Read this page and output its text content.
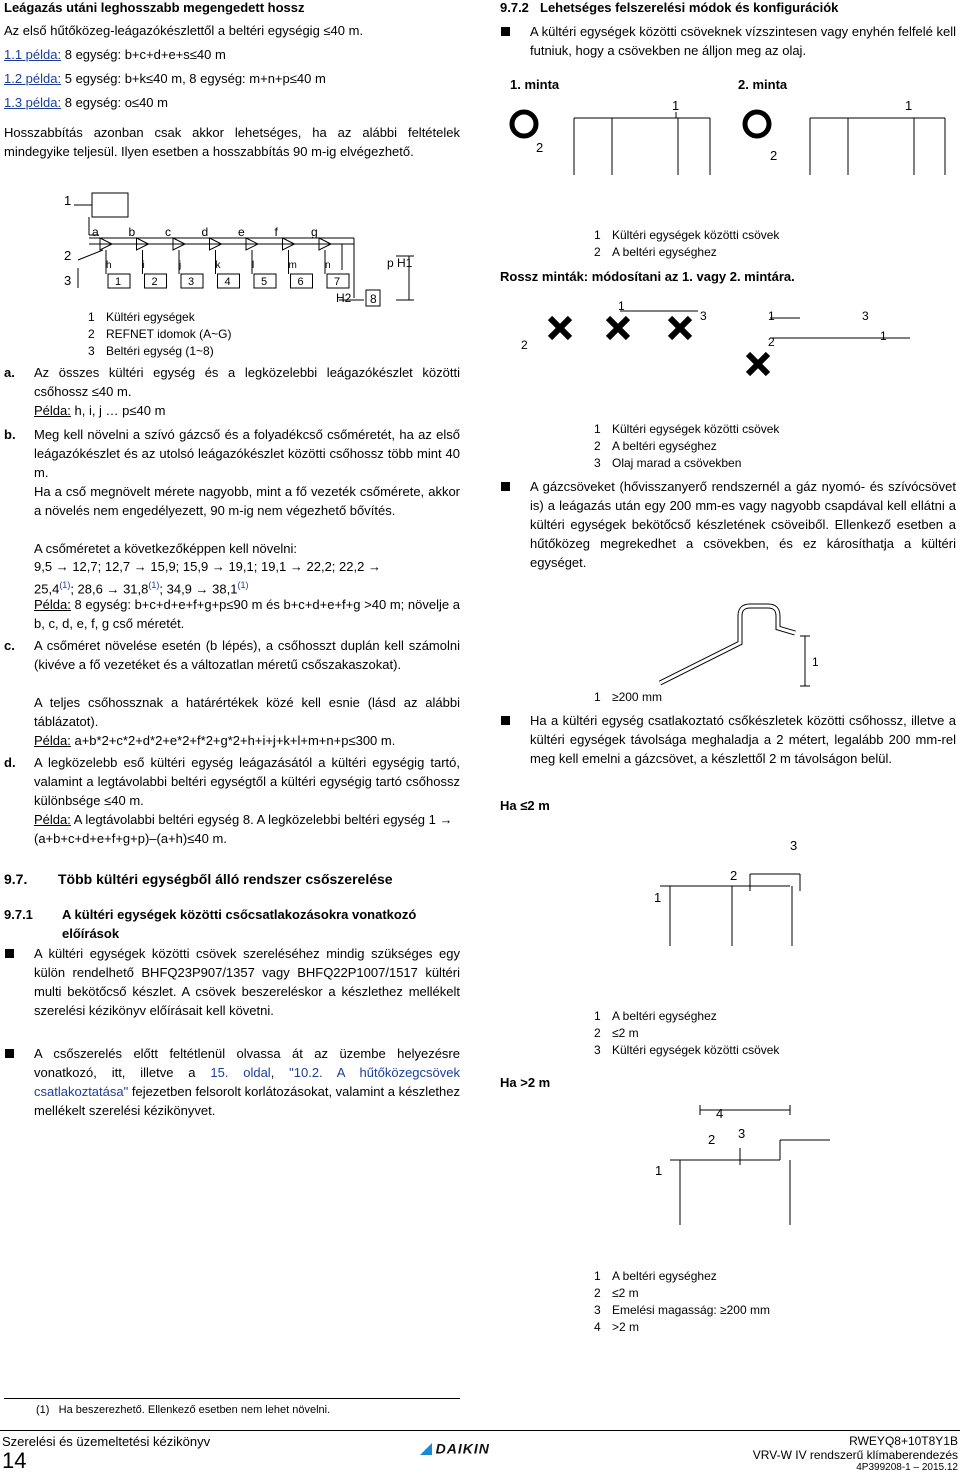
Leágazás utáni leghosszabb megengedett hossz

Az első hűtőközeg-leágazókészlettől a beltéri egységig ≤40 m.

1.1 példa: 8 egység: b+c+d+e+s≤40 m

1.2 példa: 5 egység: b+k≤40 m, 8 egység: m+n+p≤40 m

1.3 példa: 8 egység: o≤40 m

Hosszabbítás azonban csak akkor lehetséges, ha az alábbi feltételek mindegyike teljesül. Ilyen esetben a hosszabbítás 90 m-ig elvégezhető.

a b c	d e f	g
h	i	j	k	l	m	n
1	2	3	4	5	6	7
1
2
3
p H1
H2 8
1 Kültéri egységek
2 REFNET idomok (A~G)
3 Beltéri egység (1~8)

a. Az összes kültéri egység és a legközelebbi leágazókészlet közötti csőhossz ≤40 m.

Példa: h, i, j … p≤40 m

b. Meg kell növelni a szívó gázcső és a folyadékcső csőméretét, ha az első leágazókészlet és az utolsó leágazókészlet közötti csőhossz több mint 40 m.

Ha a cső megnövelt mérete nagyobb, mint a fő vezeték csőmérete, akkor a növelés nem engedélyezett, 90 m-ig nem végezhető bővítés.

A csőméretet a következőképpen kell növelni:

9,5 → 12,7; 12,7 → 15,9; 15,9 → 19,1; 19,1 → 22,2; 22,2 →

25,4$^{(1)}$; $28,6 \to 31,8^{(1)}$; $34,9 \to 38,1^{(1)}$

Példa: 8 egység: b+c+d+e+f+g+p≤90 m és b+c+d+e+f+g >40 m; növelje a b, c, d, e, f, g cső méretét.

c. A csőméret növelése esetén (b lépés), a csőhosszt duplán kell számolni (kivéve a fő vezetéket és a változatlan méretű csőszakaszokat).

A teljes csőhossznak a határértékek közé kell esnie (lásd az alábbi táblázatot).

Példa: a+b*2+c*2+d*2+e*2+f*2+g*2+h+i+j+k+l+m+n+p≤300 m.

d. A legközelebb eső kültéri egység leágazásától a kültéri egységig tartó, valamint a legtávolabbi beltéri egységtől a kültéri egységig tartó csőhossz különbsége ≤40 m.

Példa: A legtávolabbi beltéri egység 8. A legközelebbi beltéri egység 1 → (a+b+c+d+e+f+g+p)–(a+h)≤40 m.

9.7. Több kültéri egységből álló rendszer csőszerelése

9.7.1 A kültéri egységek közötti csőcsatlakozásokra vonatkozó előírások

A kültéri egységek közötti csövek szereléséhez mindig szükséges egy külön rendelhető BHFQ23P907/1357 vagy BHFQ22P1007/1517 kültéri multi bekötőcső készlet. A csövek beszereléskor a készlethez mellékelt szerelési kézikönyv előírásait kell követni.

A csőszerelés előtt feltétlenül olvassa át az üzembe helyezésre vonatkozó, itt, illetve a 15. oldal, "10.2. A hűtőközegcsövek csatlakoztatása" fejezetben felsorolt korlátozásokat, valamint a készlethez mellékelt szerelési kézikönyvet.

9.7.2 Lehetséges felszerelési módok és konfigurációk

A kültéri egységek közötti csöveknek vízszintesen vagy enyhén felfelé kell futniuk, hogy a csövekben ne álljon meg az olaj.

1. minta	2. minta

1
2
1
2
1 Kültéri egységek közötti csövek
2 A beltéri egységhez

Rossz minták: módosítani az 1. vagy 2. mintára.

1
2
3	1
2
3
1
1 Kültéri egységek közötti csövek
2 A beltéri egységhez
3 Olaj marad a csövekben

A gázcsöveket (hővisszanyerő rendszernél a gáz nyomó- és szívócsövet is) a leágazás után egy 200 mm-es vagy nagyobb csapdával kell ellátni a kültéri egységek bekötőcső készletének csöveiből. Ellenkező esetben a hűtőközeg megrekedhet a csövekben, és ez károsíthatja a kültéri egységet.

1
1 ≥200 mm

Ha a kültéri egység csatlakoztató csőkészletek közötti csőhossz, illetve a kültéri egységek távolsága meghaladja a 2 métert, legalább 200 mm-rel meg kell emelni a gázcsövet, a készlettől 2 m távolságon belül.

Ha ≤2 m

3
2
1
1 A beltéri egységhez
2 ≤2 m
3 Kültéri egységek közötti csövek

Ha >2 m

4
2 3
1
1 A beltéri egységhez
2 ≤2 m
3 Emelési magasság: ≥200 mm
4 >2 m

(1) Ha beszerezhető. Ellenkező esetben nem lehet növelni.

Szerelési és üzemeltetési kézikönyv

14	DAIKIN	RWEYQ8+10T8Y1B

VRV-W IV rendszerű klímaberendezés

4P399208-1 – 2015.12
